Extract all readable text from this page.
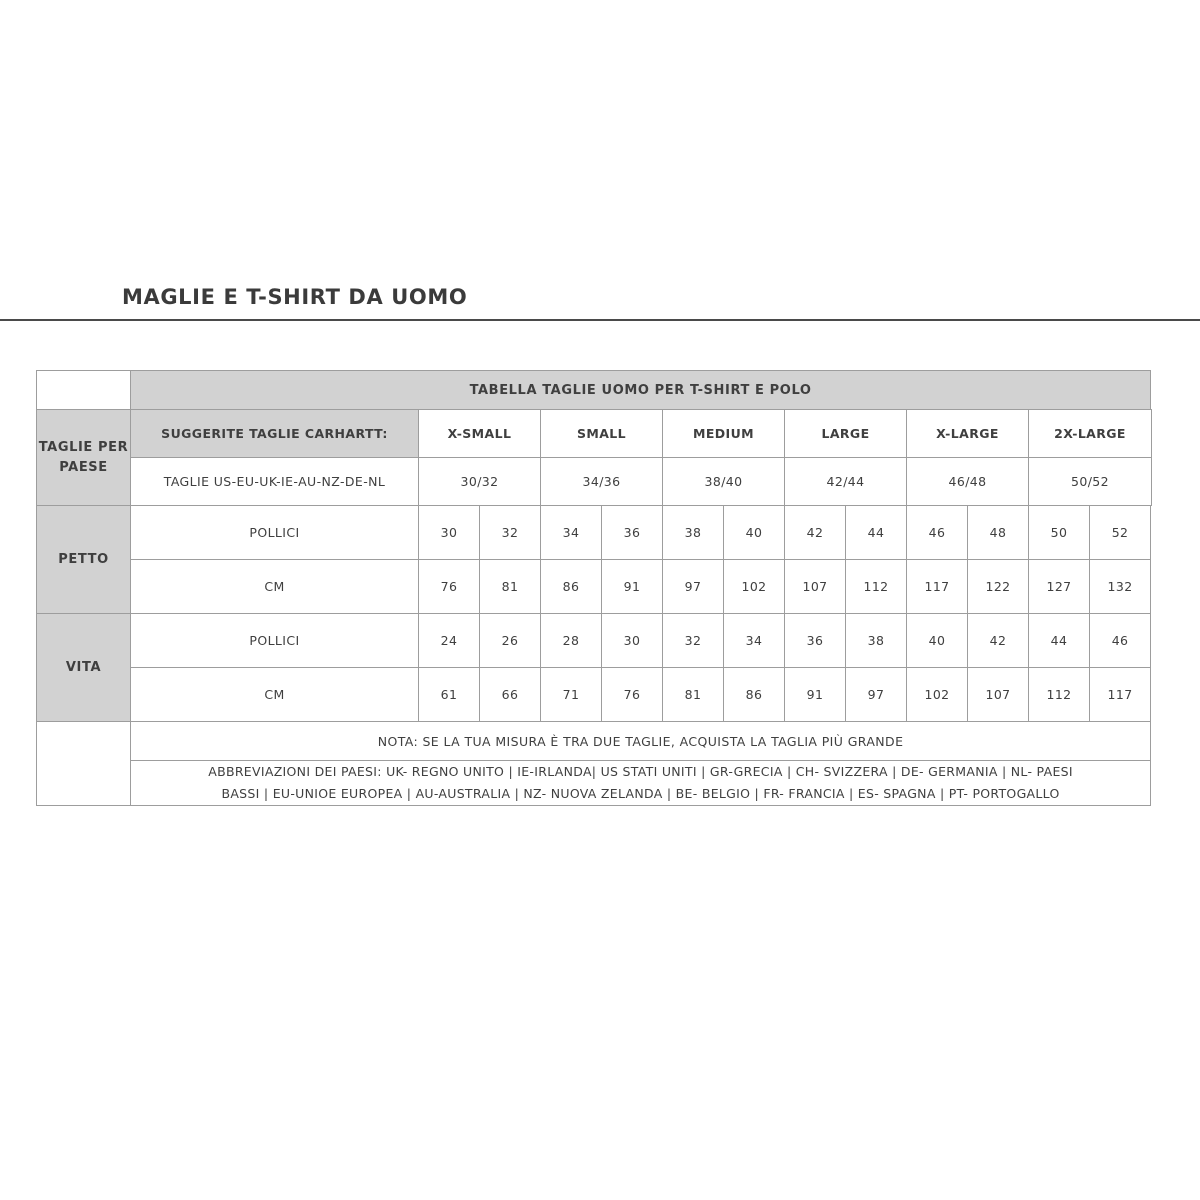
MAGLIE E T-SHIRT DA UOMO
	TABELLA TAGLIE UOMO PER T-SHIRT E POLO												
TAGLIE PER PAESE	SUGGERITE TAGLIE CARHARTT:	X-SMALL		SMALL		MEDIUM		LARGE		X-LARGE		2X-LARGE	
	TAGLIE US-EU-UK-IE-AU-NZ-DE-NL	30/32		34/36		38/40		42/44		46/48		50/52	
PETTO	POLLICI	30	32	34	36	38	40	42	44	46	48	50	52
	CM	76	81	86	91	97	102	107	112	117	122	127	132
VITA	POLLICI	24	26	28	30	32	34	36	38	40	42	44	46
	CM	61	66	71	76	81	86	91	97	102	107	112	117
	NOTA: SE LA TUA MISURA È TRA DUE TAGLIE, ACQUISTA LA TAGLIA PIÙ GRANDE												

	ABBREVIAZIONI DEI PAESI: UK- REGNO UNITO | IE-IRLANDA| US STATI UNITI | GR-GRECIA | CH- SVIZZERA | DE- GERMANIA | NL- PAESI
BASSI | EU-UNIOE EUROPEA | AU-AUSTRALIA | NZ- NUOVA ZELANDA | BE- BELGIO | FR- FRANCIA | ES- SPAGNA | PT- PORTOGALLO												
